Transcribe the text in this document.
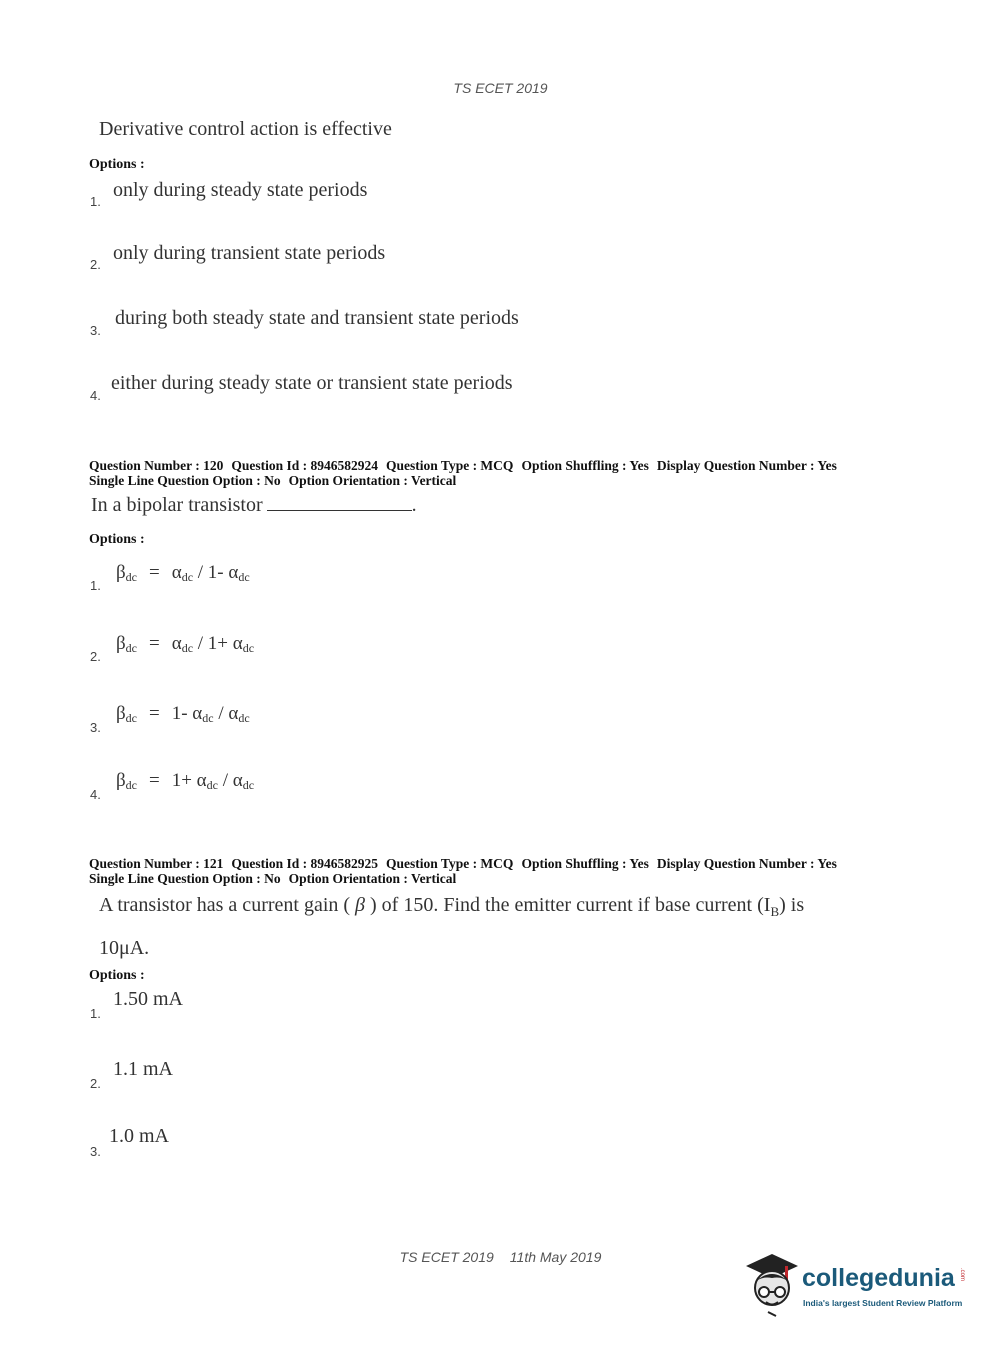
TS ECET 2019
Derivative control action is effective
Options :
1.
only during steady state periods
2.
only during transient state periods
3.
during both steady state and transient state periods
4.
either during steady state or transient state periods
Question Number : 120 Question Id : 8946582924 Question Type : MCQ Option Shuffling : Yes Display Question Number : Yes
Single Line Question Option : No Option Orientation : Vertical
In a bipolar transistor	.
Options :
1.
$\beta_{dc} = \alpha_{dc} / 1-$ $\alpha_{dc}$
2.
$\beta_{dc} = \alpha_{dc} / 1+ \alpha_{dc}$
3.
$\beta_{dc} = 1-$ $\alpha_{dc} / \alpha_{dc}$
4.
$\beta_{dc} = 1+ \alpha_{dc} / \alpha_{dc}$
Question Number : 121 Question Id : 8946582925 Question Type : MCQ Option Shuffling : Yes Display Question Number : Yes
Single Line Question Option : No Option Orientation : Vertical
A transistor has a current gain ( β ) of 150. Find the emitter current if base current $(I_B)$ is
10μA.
Options :
1.
1.50 mA
2.
1.1 mA
3.
1.0 mA
TS ECET 2019 11th May 2019
collegedunia .com
India's largest Student Review Platform
